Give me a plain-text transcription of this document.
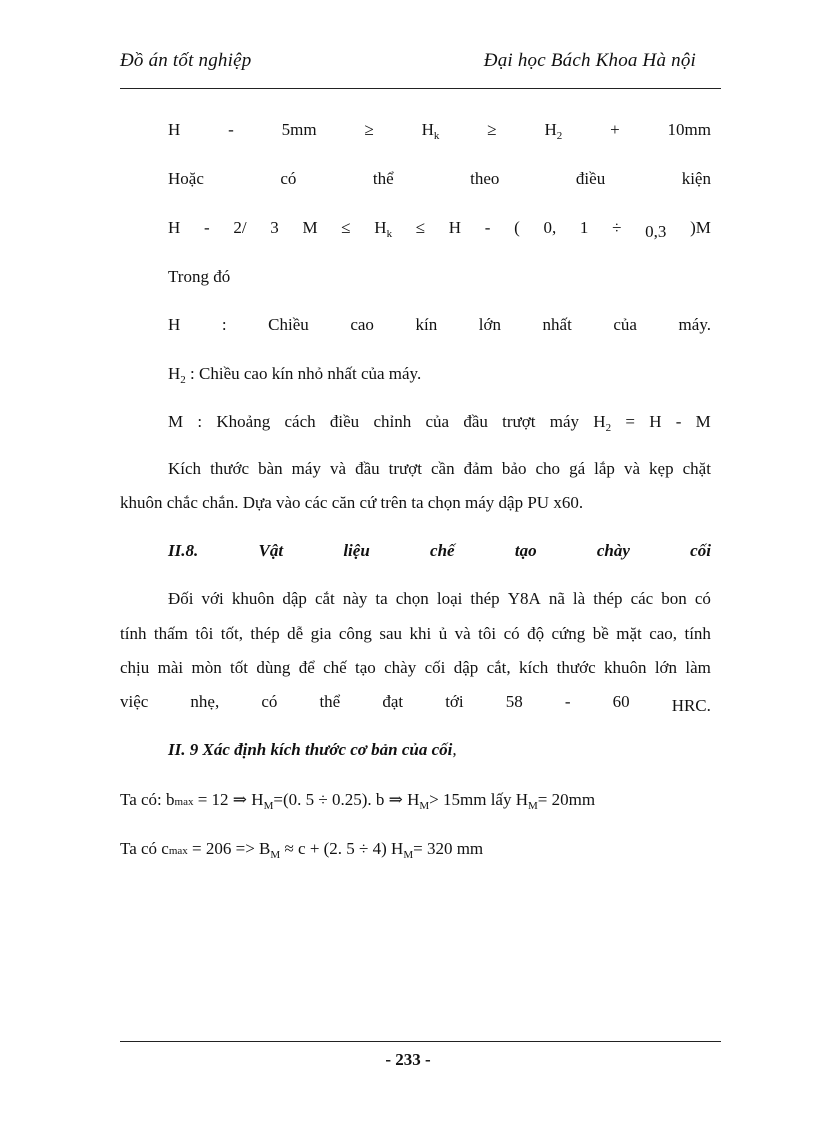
Đồ án tốt nghiệp	Đại học Bách Khoa Hà nội
H	-	5mm	≥	$H_k$	≥	$H_2$	+	10mm
Hoặc	có	thể	theo	điều	kiện
H - 2/ 3 $M \le H_k \le H$ - ( 0, 1 ÷ 0,3 )M
Trong đó
H : Chiều cao kín lớn nhất của máy.
$H_2$ : Chiều cao kín nhỏ nhất của máy.
M : Khoảng cách điều chỉnh của đầu trượt máy $H_2 = H - M$
Kích thước bàn máy và đầu trượt cần đảm bảo cho gá lắp và kẹp chặt
khuôn chắc chắn. Dựa vào các căn cứ trên ta chọn máy dập PU x60.
II.8.	Vật	liệu	chế	tạo	chày	cối
Đối với khuôn dập cắt này ta chọn loại thép Y8A nã là thép các bon có
tính thấm tôi tốt, thép dễ gia công sau khi ủ và tôi có độ cứng bề mặt cao, tính
chịu mài mòn tốt dùng để chế tạo chày cối dập cắt, kích thước khuôn lớn làm
việc nhẹ, có thể đạt tới 58 - 60 HRC.
II. 9 Xác định kích thước cơ bản của cối,
Ta có: bmax = 12 ⇒ $H_M=(0$. 5 ÷ 0.25). b ⇒ $H_M> 15mm$ lấy $H_M= 20mm$
Ta có $cmax = 206 => B_M \approx c + (2$. 5 ÷ 4) $H_M= 320$ mm
- 233 -
